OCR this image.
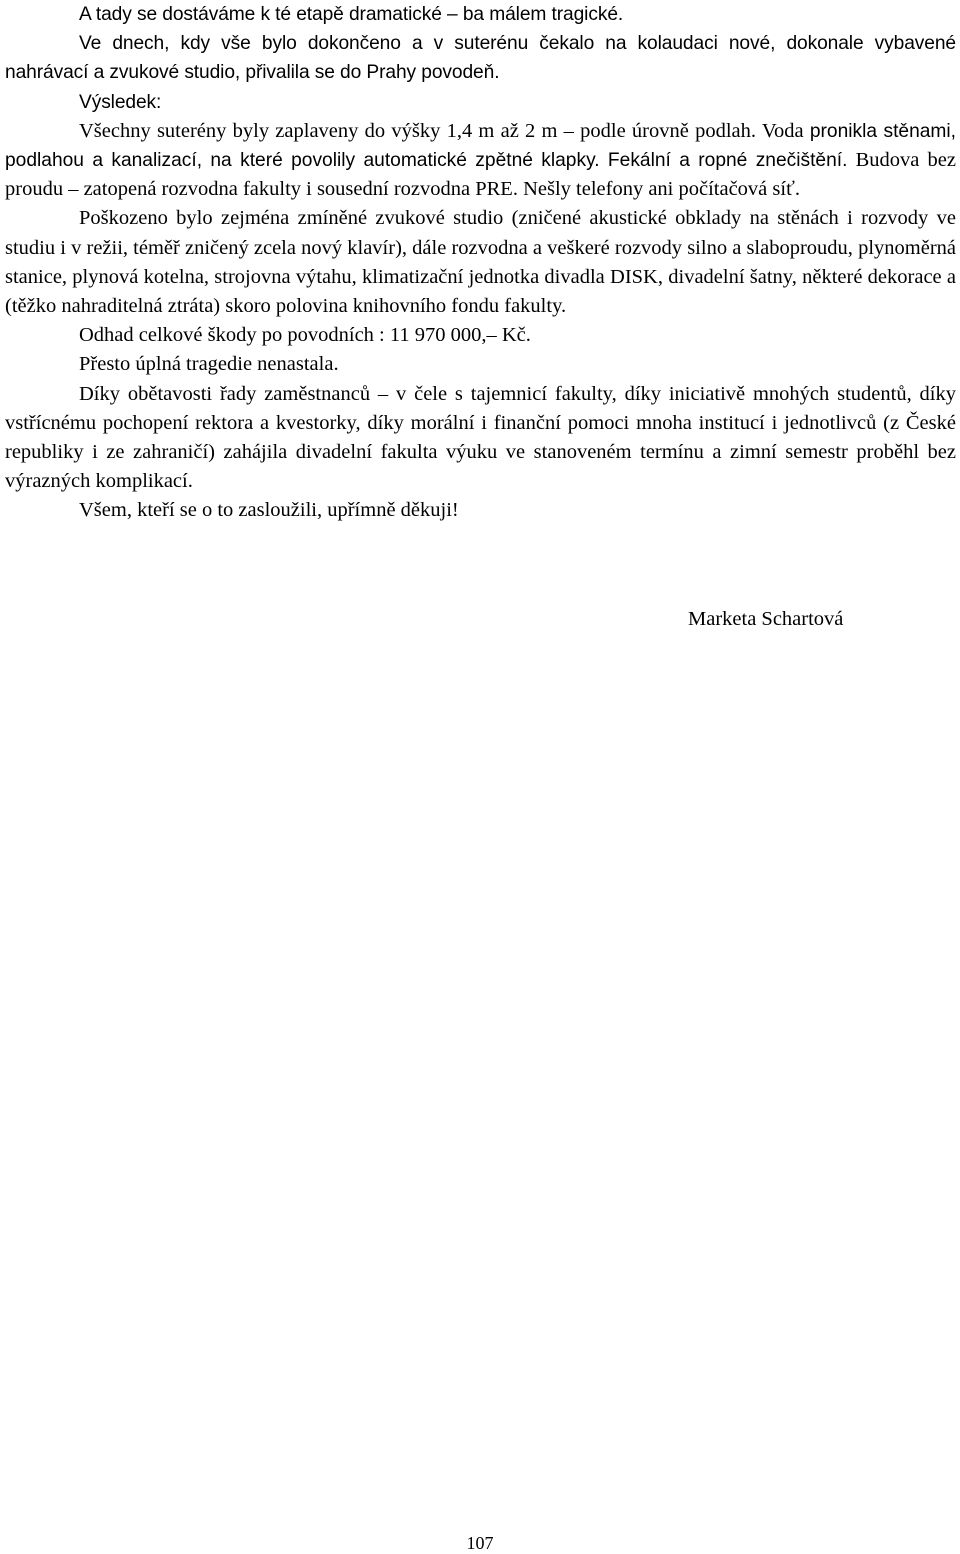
A tady se dostáváme k té etapě dramatické – ba málem tragické.

Ve dnech, kdy vše bylo dokončeno a v suterénu čekalo na kolaudaci nové, dokonale vybavené nahrávací a zvukové studio, přivalila se do Prahy povodeň.

Výsledek:

Všechny suterény byly zaplaveny do výšky 1,4 m až 2 m – podle úrovně podlah. Voda pronikla stěnami, podlahou a kanalizací, na které povolily automatické zpětné klapky. Fekální a ropné znečištění. Budova bez proudu – zatopená rozvodna fakulty i sousední rozvodna PRE. Nešly telefony ani počítačová síť.

Poškozeno bylo zejména zmíněné zvukové studio (zničené akustické obklady na stěnách i rozvody ve studiu i v režii, téměř zničený zcela nový klavír), dále rozvodna a veškeré rozvody silno a slaboproudu, plynoměrná stanice, plynová kotelna, strojovna výtahu, klimatizační jednotka divadla DISK, divadelní šatny, některé dekorace a (těžko nahraditelná ztráta) skoro polovina knihovního fondu fakulty.

Odhad celkové škody po povodních : 11 970 000,– Kč.

Přesto úplná tragedie nenastala.

Díky obětavosti řady zaměstnanců – v čele s tajemnicí fakulty, díky iniciativě mnohých studentů, díky vstřícnému pochopení rektora a kvestorky, díky morální i finanční pomoci mnoha institucí i jednotlivců (z České republiky i ze zahraničí) zahájila divadelní fakulta výuku ve stanoveném termínu a zimní semestr proběhl bez výrazných komplikací.

Všem, kteří se o to zasloužili, upřímně děkuji!

Marketa Schartová
107
